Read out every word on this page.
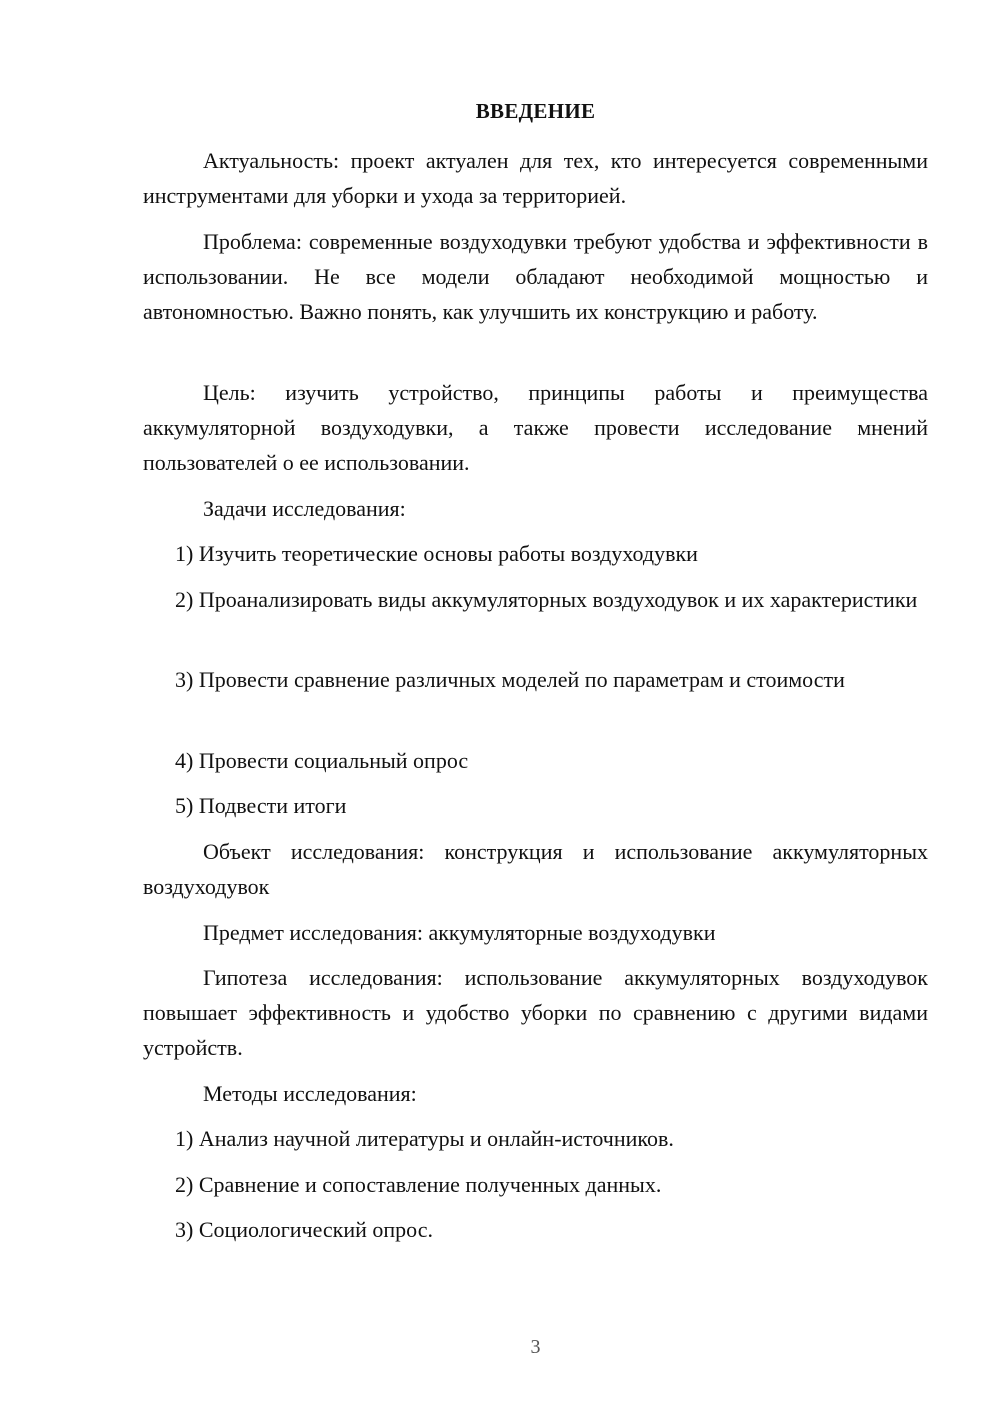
ВВЕДЕНИЕ
Актуальность: проект актуален для тех, кто интересуется современными инструментами для уборки и ухода за территорией.
Проблема: современные воздуходувки требуют удобства и эффективности в использовании. Не все модели обладают необходимой мощностью и автономностью. Важно понять, как улучшить их конструкцию и работу.
Цель: изучить устройство, принципы работы и преимущества аккумуляторной воздуходувки, а также провести исследование мнений пользователей о ее использовании.
Задачи исследования:
1) Изучить теоретические основы работы воздуходувки
2) Проанализировать виды аккумуляторных воздуходувок и их характеристики
3) Провести сравнение различных моделей по параметрам и стоимости
4) Провести социальный опрос
5) Подвести итоги
Объект исследования: конструкция и использование аккумуляторных воздуходувок
Предмет исследования: аккумуляторные воздуходувки
Гипотеза исследования: использование аккумуляторных воздуходувок повышает эффективность и удобство уборки по сравнению с другими видами устройств.
Методы исследования:
1) Анализ научной литературы и онлайн-источников.
2) Сравнение и сопоставление полученных данных.
3) Социологический опрос.
3
